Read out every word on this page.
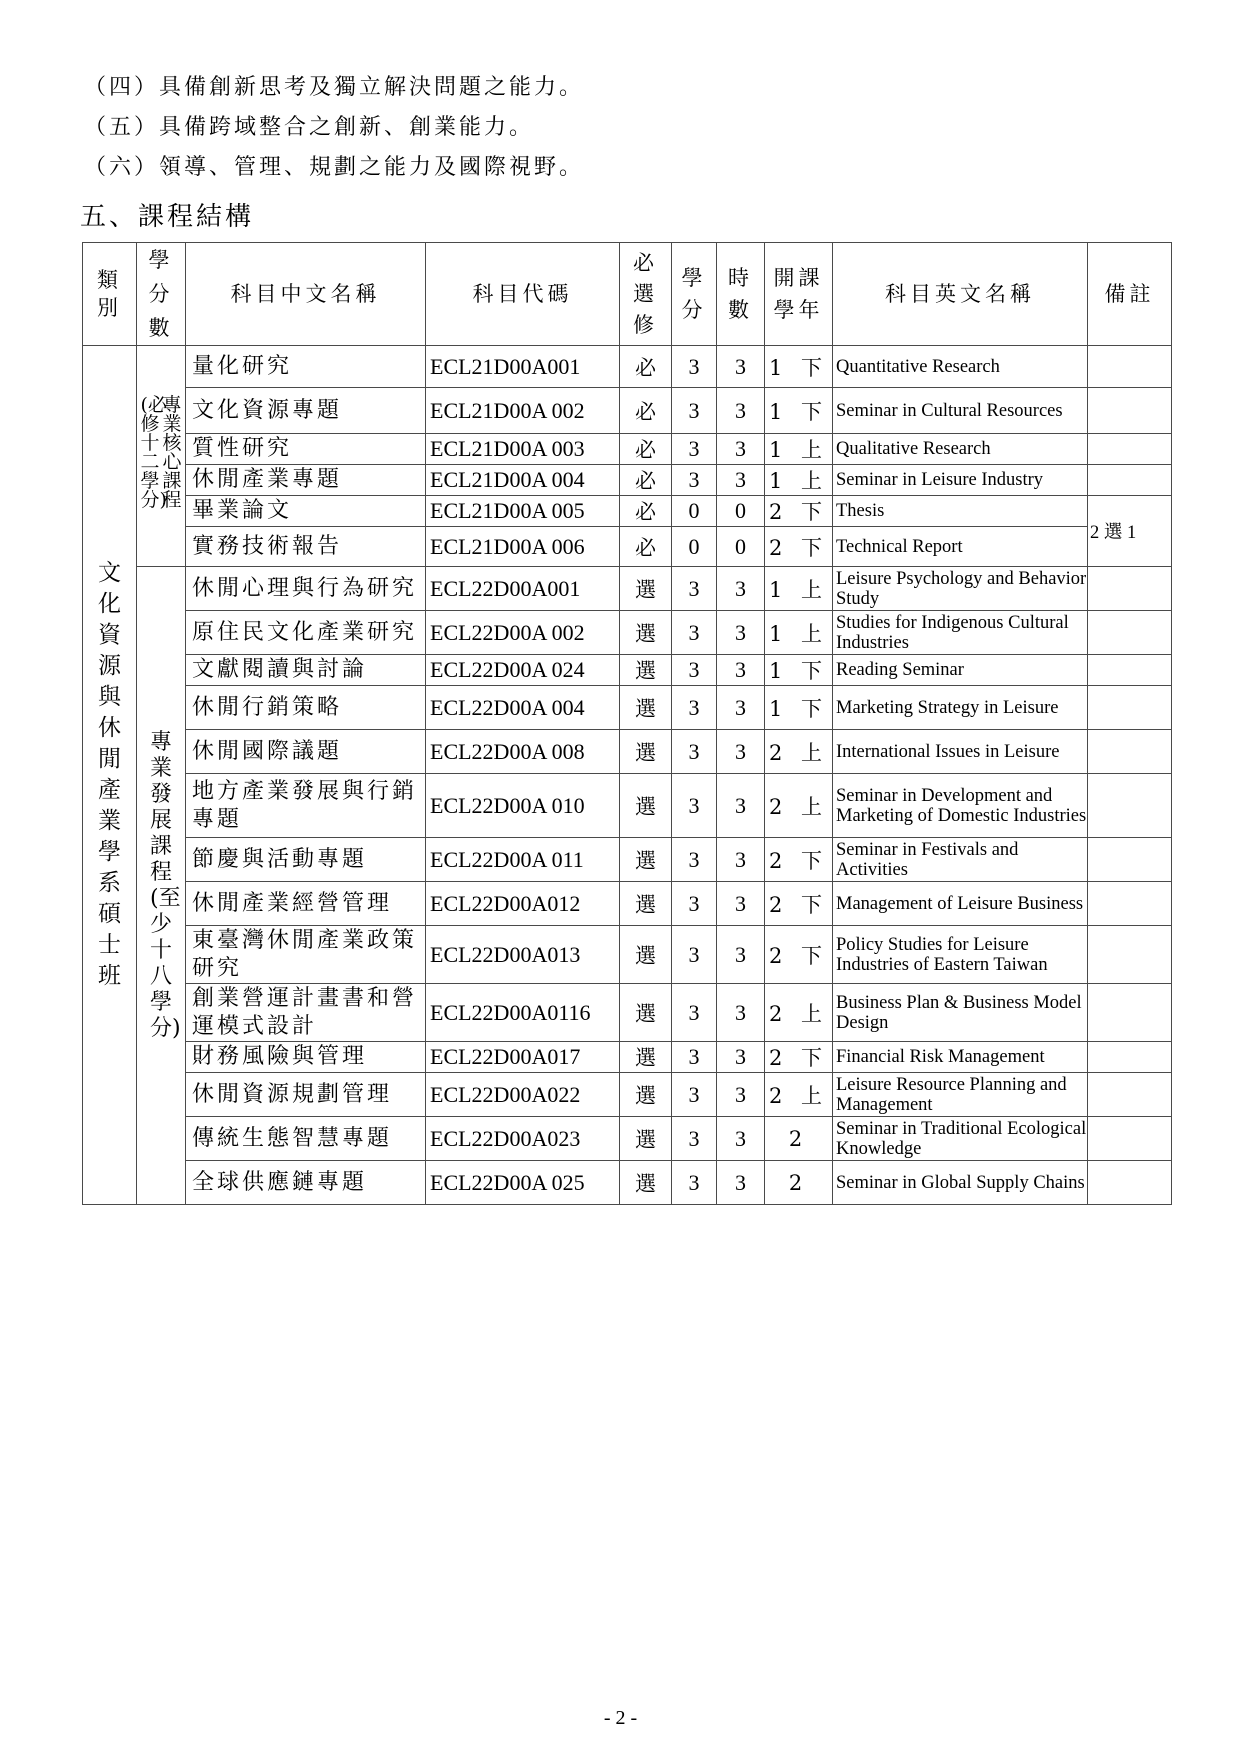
（四）具備創新思考及獨立解決問題之能力。
（五）具備跨域整合之創新、創業能力。
（六）領導、管理、規劃之能力及國際視野。
五、課程結構
類別	學分數	科目中文名稱	科目代碼	必選修	學分	時數	開課學年	科目英文名稱	備註

文化資源與休閒產業學系 碩士班	專業核心課程
(必修十二學分)	量化研究	ECL21D00A001	必	3	3	1 下	Quantitative Research	
		文化資源專題	ECL21D00A 002	必	3	3	1 下	Seminar in Cultural Resources	
		質性研究	ECL21D00A 003	必	3	3	1 上	Qualitative Research	
		休閒產業專題	ECL21D00A 004	必	3	3	1 上	Seminar in Leisure Industry	
		畢業論文	ECL21D00A 005	必	0	0	2 下	Thesis	2 選 1
		實務技術報告	ECL21D00A 006	必	0	0	2 下	Technical Report	

	專業發展課程(至少十八學分)	休閒心理與行為研究	ECL22D00A001	選	3	3	1 上	Leisure Psychology and Behavior Study	
		原住民文化產業研究	ECL22D00A 002	選	3	3	1 上	Studies for Indigenous Cultural Industries	
		文獻閱讀與討論	ECL22D00A 024	選	3	3	1 下	Reading Seminar	
		休閒行銷策略	ECL22D00A 004	選	3	3	1 下	Marketing Strategy in Leisure	
		休閒國際議題	ECL22D00A 008	選	3	3	2 上	International Issues in Leisure	
		地方產業發展與行銷專題	ECL22D00A 010	選	3	3	2 上	Seminar in Development and Marketing of Domestic Industries	
		節慶與活動專題	ECL22D00A 011	選	3	3	2 下	Seminar in Festivals and Activities	
		休閒產業經營管理	ECL22D00A012	選	3	3	2 下	Management of Leisure Business	
		東臺灣休閒產業政策研究	ECL22D00A013	選	3	3	2 下	Policy Studies for Leisure Industries of Eastern Taiwan	
		創業營運計畫書和營運模式設計	ECL22D00A0116	選	3	3	2 上	Business Plan & Business Model Design	
		財務風險與管理	ECL22D00A017	選	3	3	2 下	Financial Risk Management	
		休閒資源規劃管理	ECL22D00A022	選	3	3	2 上	Leisure Resource Planning and Management	
		傳統生態智慧專題	ECL22D00A023	選	3	3	2	Seminar in Traditional Ecological Knowledge	
		全球供應鏈專題	ECL22D00A 025	選	3	3	2	Seminar in Global Supply Chains	
- 2 -
